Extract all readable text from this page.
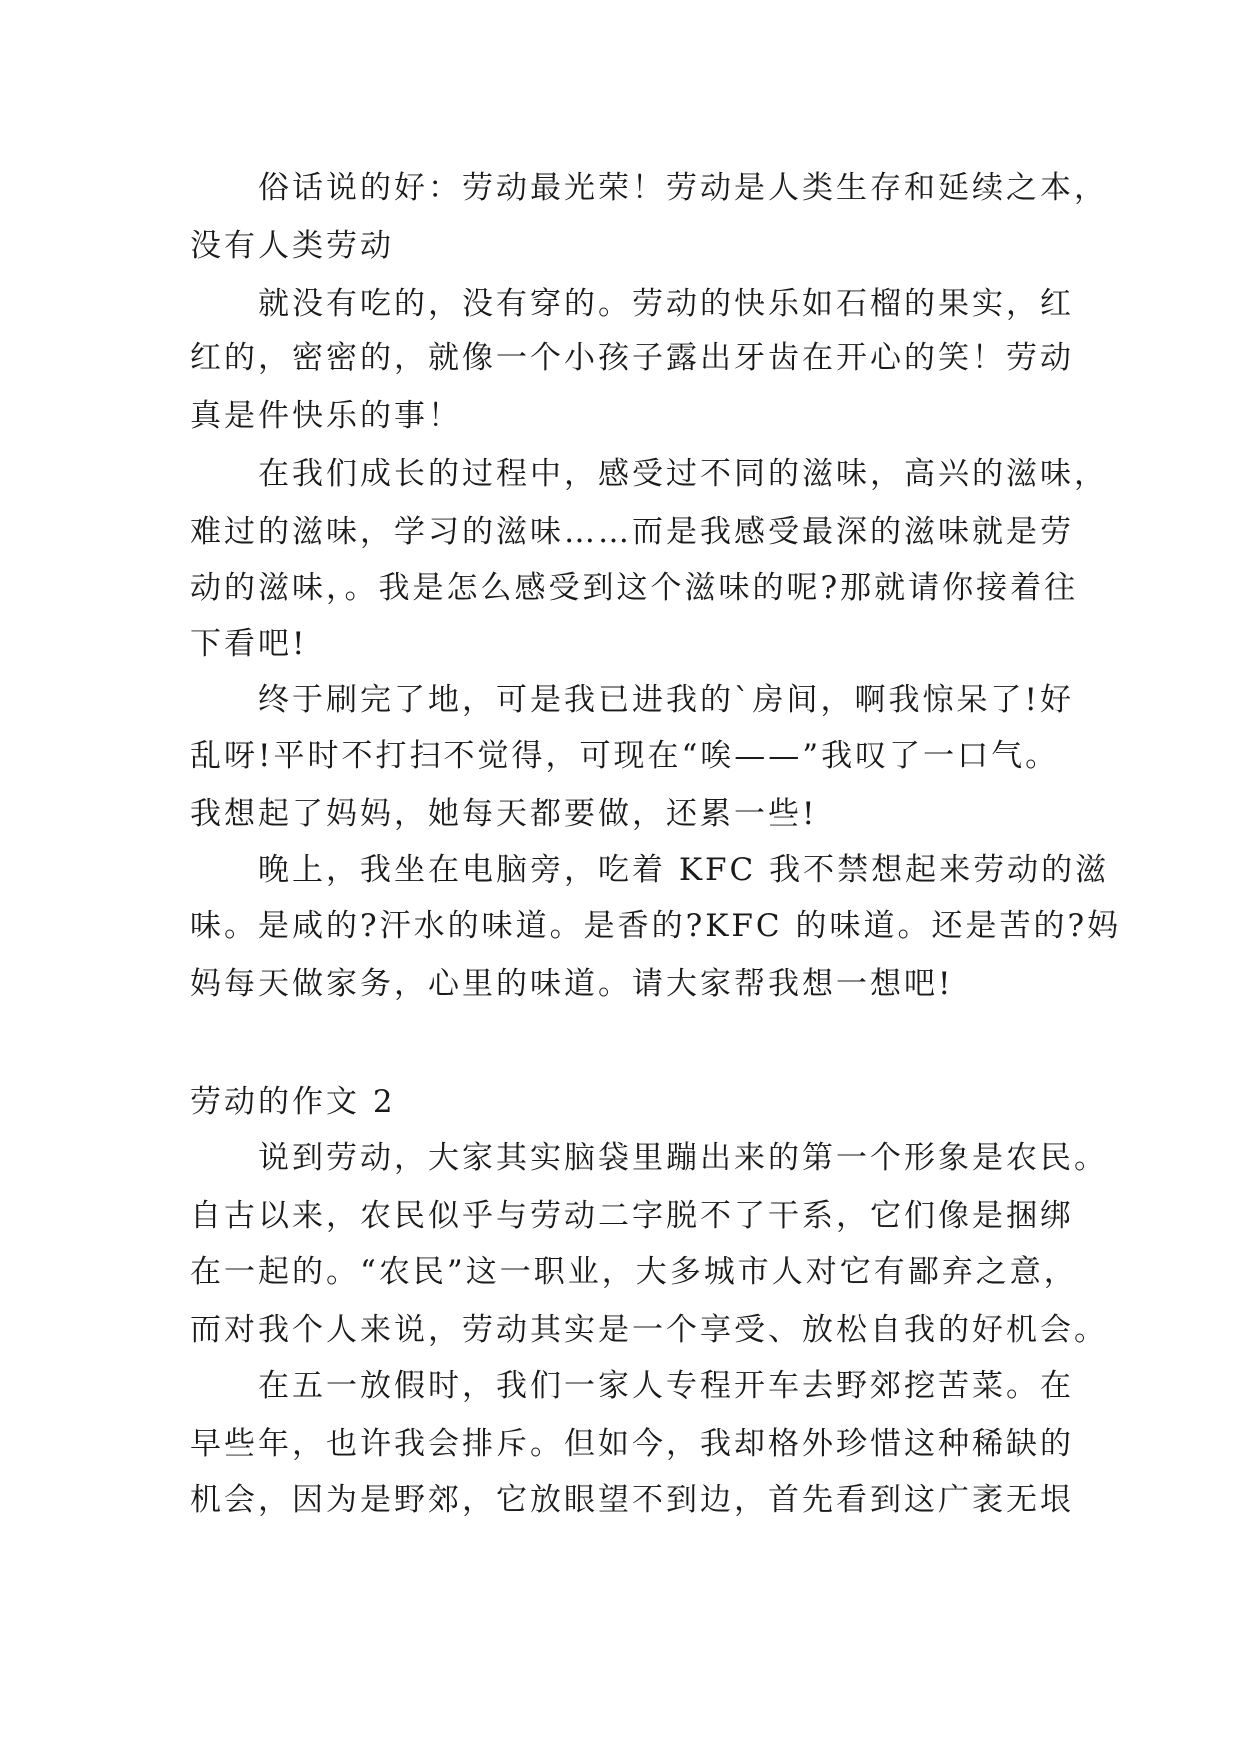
俗话说的好：劳动最光荣！劳动是人类生存和延续之本，
没有人类劳动
就没有吃的，没有穿的。劳动的快乐如石榴的果实，红
红的，密密的，就像一个小孩子露出牙齿在开心的笑！劳动
真是件快乐的事！
在我们成长的过程中，感受过不同的滋味，高兴的滋味，
难过的滋味，学习的滋味……而是我感受最深的滋味就是劳
动的滋味，。我是怎么感受到这个滋味的呢?那就请你接着往
下看吧!
终于刷完了地，可是我已进我的`房间，啊我惊呆了!好
乱呀!平时不打扫不觉得，可现在“唉——”我叹了一口气。
我想起了妈妈，她每天都要做，还累一些!
晚上，我坐在电脑旁，吃着 KFC 我不禁想起来劳动的滋
味。是咸的?汗水的味道。是香的?KFC 的味道。还是苦的?妈
妈每天做家务，心里的味道。请大家帮我想一想吧!
劳动的作文 2
说到劳动，大家其实脑袋里蹦出来的第一个形象是农民。
自古以来，农民似乎与劳动二字脱不了干系，它们像是捆绑
在一起的。“农民”这一职业，大多城市人对它有鄙弃之意，
而对我个人来说，劳动其实是一个享受、放松自我的好机会。
在五一放假时，我们一家人专程开车去野郊挖苦菜。在
早些年，也许我会排斥。但如今，我却格外珍惜这种稀缺的
机会，因为是野郊，它放眼望不到边，首先看到这广袤无垠
